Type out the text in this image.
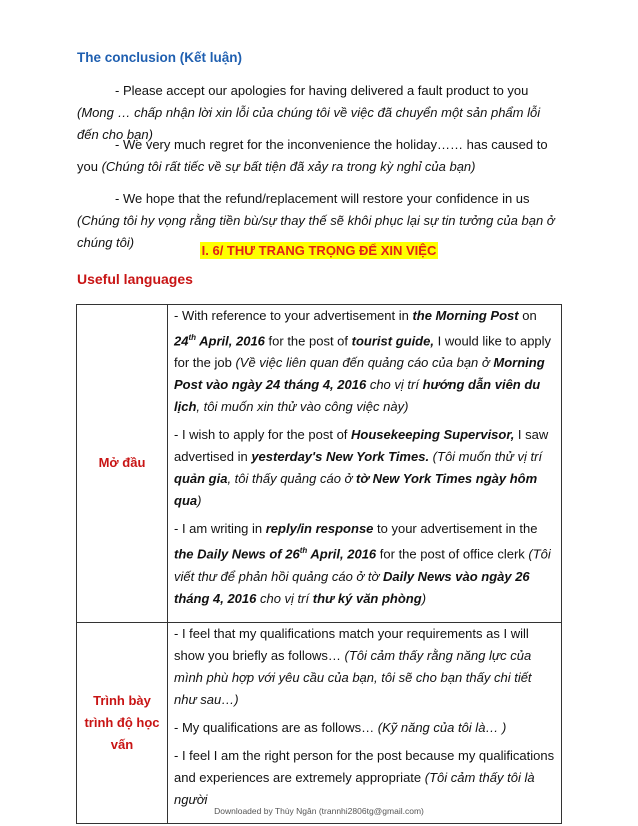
The conclusion (Kết luận)
- Please accept our apologies for having delivered a fault product to you (Mong … chấp nhận lời xin lỗi của chúng tôi về việc đã chuyển một sản phẩm lỗi đến cho bạn)
- We very much regret for the inconvenience the holiday…… has caused to you (Chúng tôi rất tiếc về sự bất tiện đã xảy ra trong kỳ nghỉ của bạn)
- We hope that the refund/replacement will restore your confidence in us (Chúng tôi hy vọng rằng tiền bù/sự thay thế sẽ khôi phục lại sự tin tưởng của bạn ở chúng tôi)
I. 6/ THƯ TRANG TRỌNG ĐỂ XIN VIỆC
Useful languages
Mở đầu	- With reference to your advertisement in the Morning Post on 24th April, 2016 for the post of tourist guide, I would like to apply for the job (Về việc liên quan đến quảng cáo của bạn ở Morning Post vào ngày 24 tháng 4, 2016 cho vị trí hướng dẫn viên du lịch, tôi muốn xin thử vào công việc này)
- I wish to apply for the post of Housekeeping Supervisor, I saw advertised in yesterday's New York Times. (Tôi muốn thử vị trí quản gia, tôi thấy quảng cáo ở tờ New York Times ngày hôm qua)
- I am writing in reply/in response to your advertisement in the the Daily News of 26th April, 2016 for the post of office clerk (Tôi viết thư để phản hồi quảng cáo ở tờ Daily News vào ngày 26 tháng 4, 2016 cho vị trí thư ký văn phòng)

Trình bày trình độ học vấn	- I feel that my qualifications match your requirements as I will show you briefly as follows… (Tôi cảm thấy rằng năng lực của mình phù hợp với yêu cầu của bạn, tôi sẽ cho bạn thấy chi tiết như sau…)
- My qualifications are as follows… (Kỹ năng của tôi là… )
- I feel I am the right person for the post because my qualifications and experiences are extremely appropriate (Tôi cảm thấy tôi là người
Downloaded by Thùy Ngân (trannhi2806tg@gmail.com)
